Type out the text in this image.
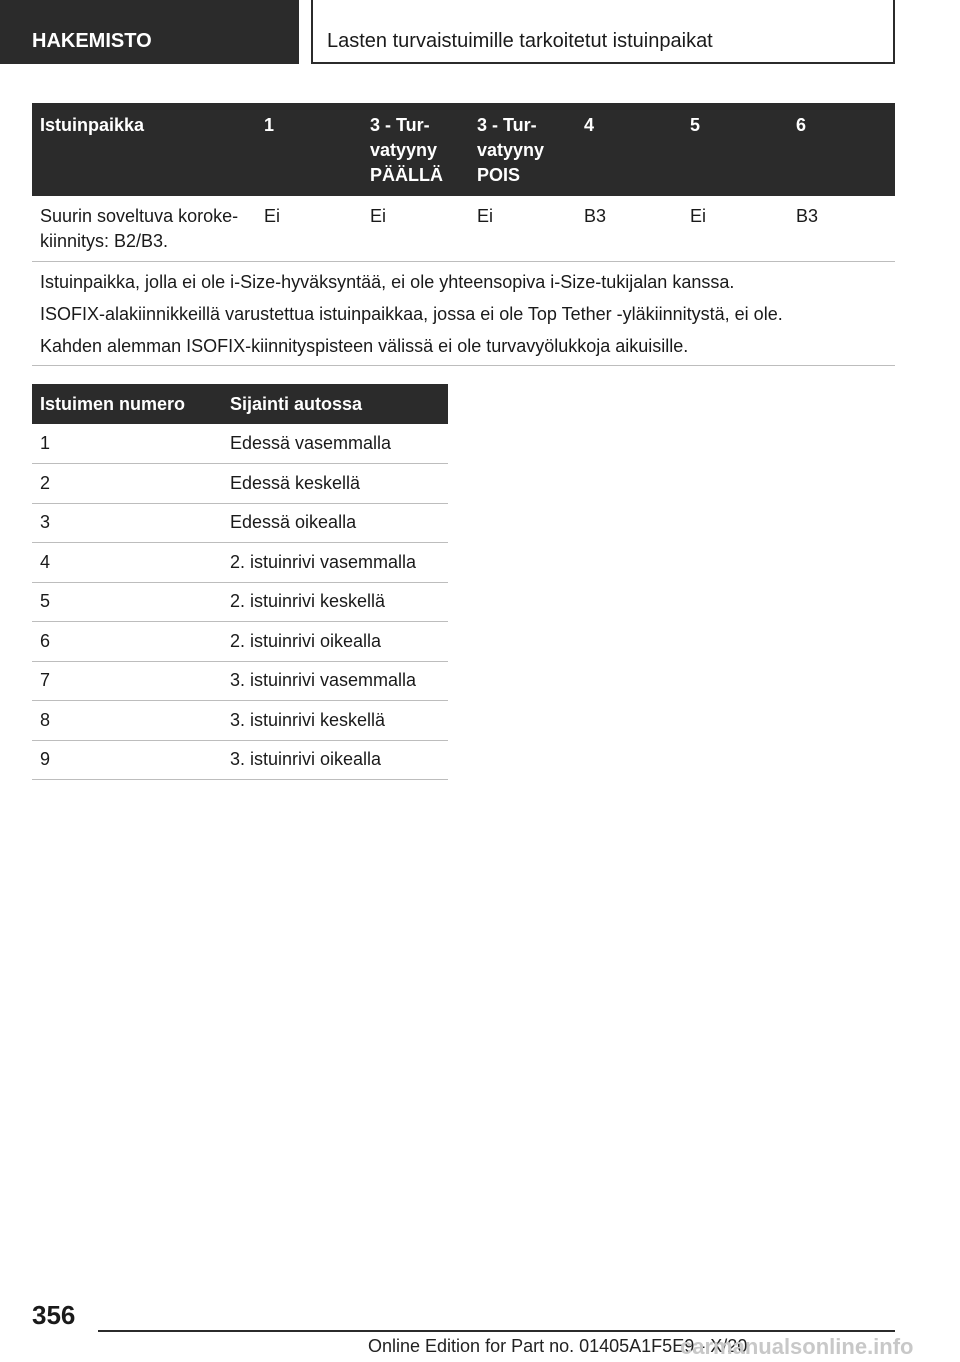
HAKEMISTO	Lasten turvaistuimille tarkoitetut istuinpaikat
Istuinpaikka	1	3 - Tur-
vatyyny
PÄÄLLÄ	3 - Tur-
vatyyny
POIS	4	5	6
Suurin soveltuva koroke-
kiinnitys: B2/B3.	Ei	Ei	Ei	B3	Ei	B3

Istuinpaikka, jolla ei ole i-Size-hyväksyntää, ei ole yhteensopiva i-Size-tukijalan kanssa.

ISOFIX-alakiinnikkeillä varustettua istuinpaikkaa, jossa ei ole Top Tether -yläkiinnitystä, ei ole.

Kahden alemman ISOFIX-kiinnityspisteen välissä ei ole turvavyölukkoja aikuisille.						

Istuimen numero	Sijainti autossa
1	Edessä vasemmalla
2	Edessä keskellä
3	Edessä oikealla
4	2. istuinrivi vasemmalla
5	2. istuinrivi keskellä
6	2. istuinrivi oikealla
7	3. istuinrivi vasemmalla
8	3. istuinrivi keskellä
9	3. istuinrivi oikealla
356
Online Edition for Part no. 01405A1F5E9 - X/20
carmanualsonline.info
